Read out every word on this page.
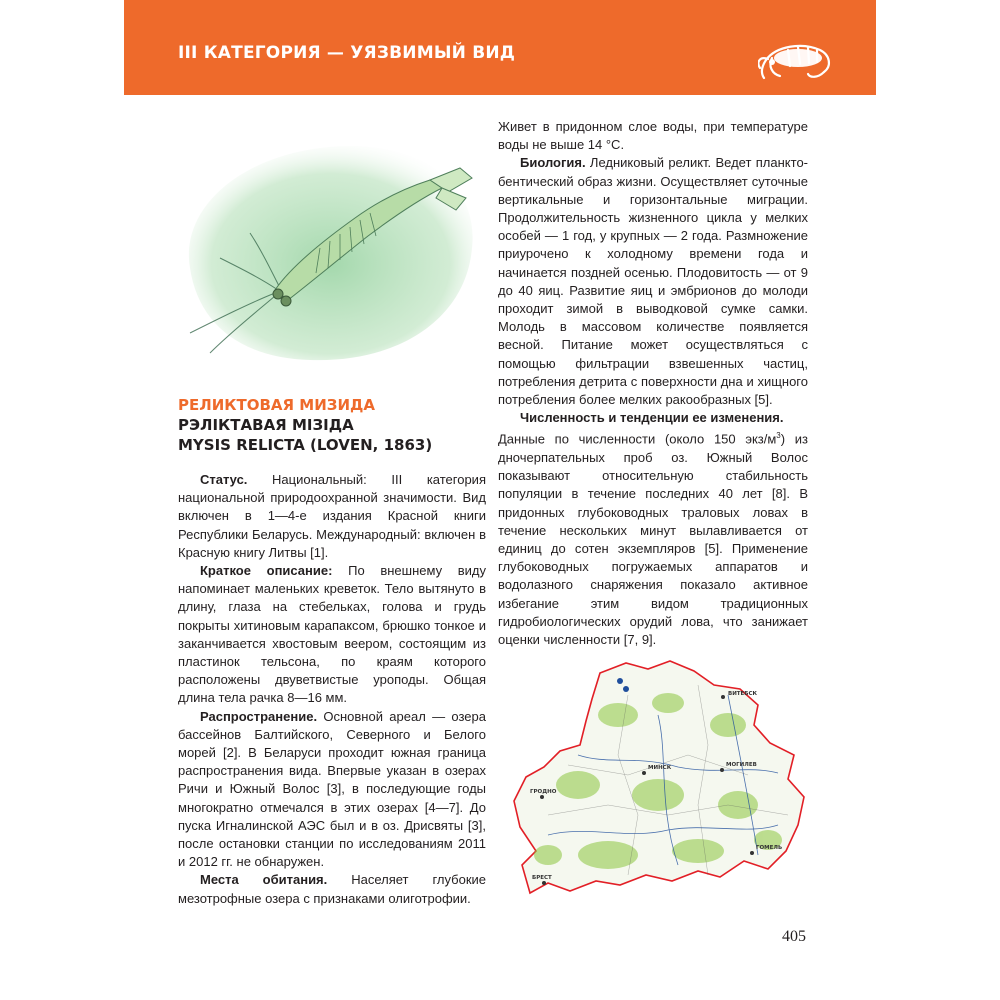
III КАТЕГОРИЯ — УЯЗВИМЫЙ ВИД
РЕЛИКТОВАЯ МИЗИДА
РЭЛІКТАВАЯ МІЗІДА
MYSIS RELICTA (LOVEN, 1863)

Статус. Национальный: III категория национальной природоохранной значимости. Вид включен в 1—4-е издания Красной книги Республики Беларусь. Международный: включен в Красную книгу Литвы [1].

Краткое описание: По внешнему виду напоминает маленьких креветок. Тело вытянуто в длину, глаза на стебельках, голова и грудь покрыты хитиновым карапаксом, брюшко тонкое и заканчивается хвостовым веером, состоящим из пластинок тельсона, по краям которого расположены двуветвистые уроподы. Общая длина тела рачка 8—16 мм.

Распространение. Основной ареал — озера бассейнов Балтийского, Северного и Белого морей [2]. В Беларуси проходит южная граница распространения вида. Впервые указан в озерах Ричи и Южный Волос [3], в последующие годы многократно отмечался в этих озерах [4—7]. До пуска Игналинской АЭС был и в оз. Дрисвяты [3], после остановки станции по исследованиям 2011 и 2012 гг. не обнаружен.

Места обитания. Населяет глубокие мезотрофные озера с признаками олиготрофии.

Живет в придонном слое воды, при температуре воды не выше 14 °C.

Биология. Ледниковый реликт. Ведет планкто-бентический образ жизни. Осуществляет суточные вертикальные и горизонтальные миграции. Продолжительность жизненного цикла у мелких особей — 1 год, у крупных — 2 года. Размножение приурочено к холодному времени года и начинается поздней осенью. Плодовитость — от 9 до 40 яиц. Развитие яиц и эмбрионов до молоди проходит зимой в выводковой сумке самки. Молодь в массовом количестве появляется весной. Питание может осуществляться с помощью фильтрации взвешенных частиц, потребления детрита с поверхности дна и хищного потребления более мелких ракообразных [5].

Численность и тенденции ее изменения.

Данные по численности (около 150 экз/$м^3$) из дночерпательных проб оз. Южный Волос показывают относительную стабильность популяции в течение последних 40 лет [8]. В придонных глубоководных траловых ловах в течение нескольких минут вылавливается от единиц до сотен экземпляров [5]. Применение глубоководных погружаемых аппаратов и водолазного снаряжения показало активное избегание этим видом традиционных гидробиологических орудий лова, что занижает оценки численности [7, 9].

ВИТЕБСК
ГРОДНО
МИНСК	МОГИЛЕВ
БРЕСТ
ГОМЕЛЬ
405
